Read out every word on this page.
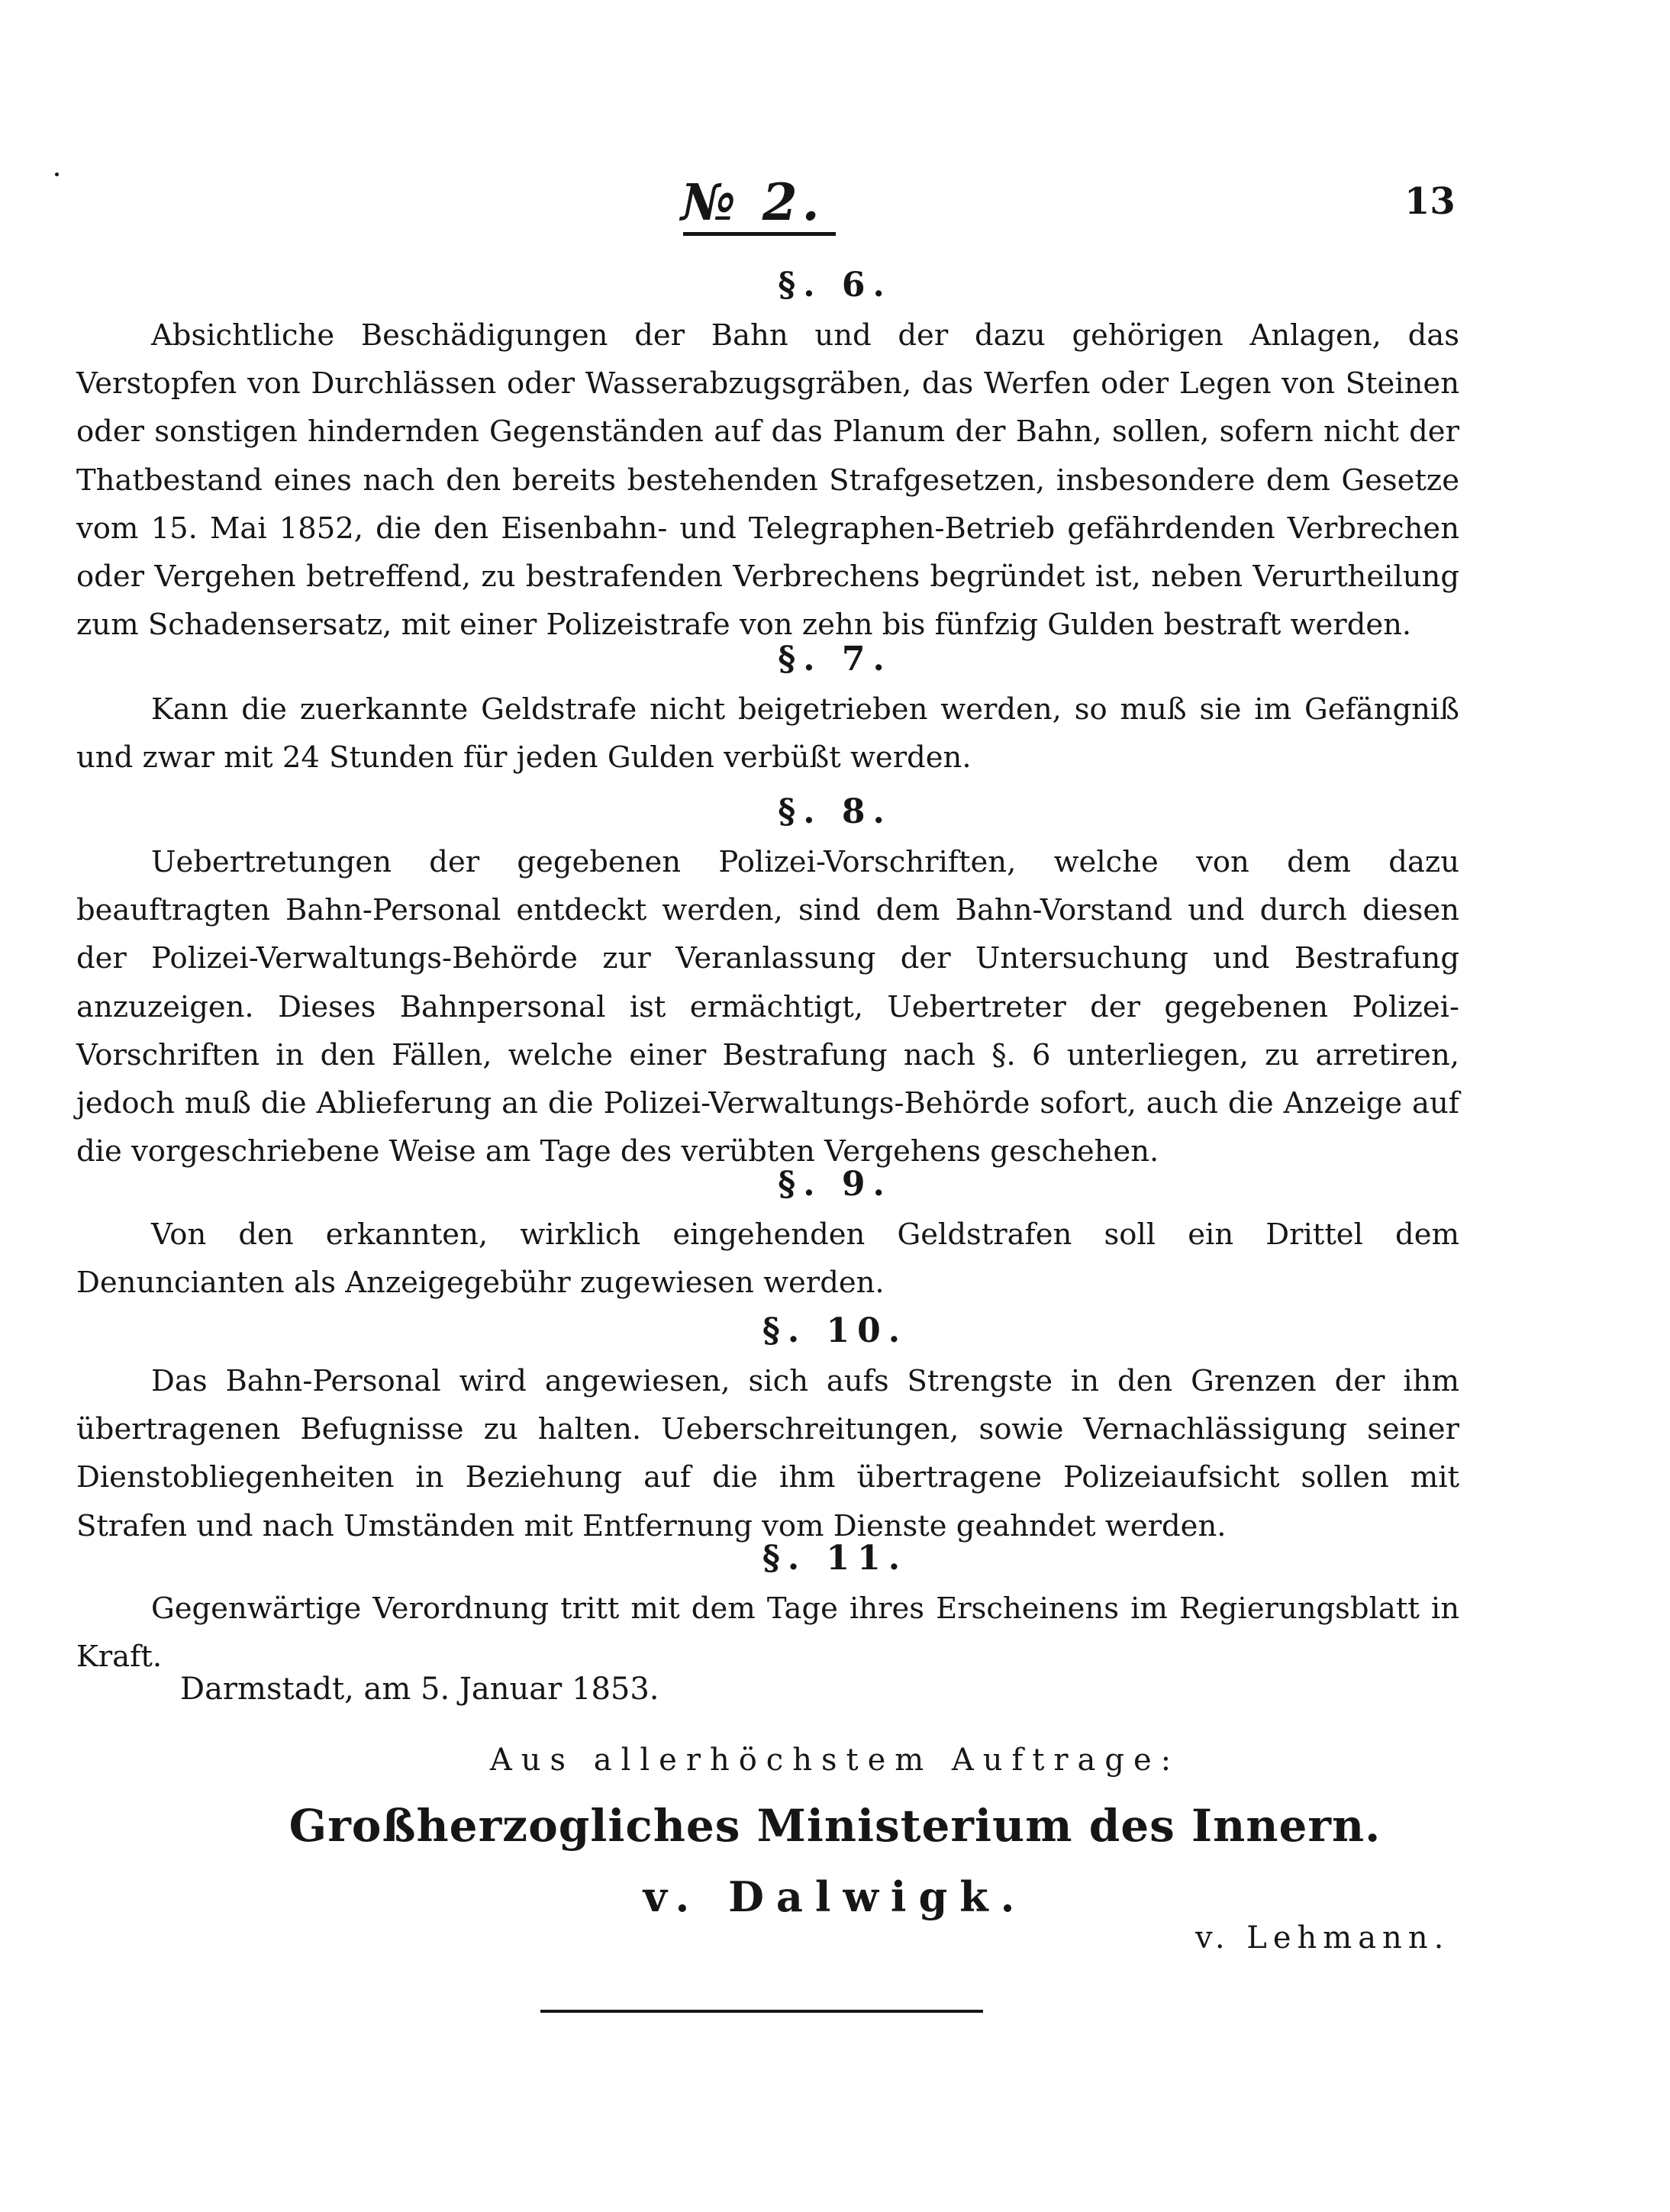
№ 2.	13
§. 6.

Absichtliche Beschädigungen der Bahn und der dazu gehörigen Anlagen, das Verstopfen von Durchlässen oder Wasserabzugsgräben, das Werfen oder Legen von Steinen oder sonstigen hindernden Gegenständen auf das Planum der Bahn, sollen, sofern nicht der Thatbestand eines nach den bereits bestehenden Strafgesetzen, insbesondere dem Gesetze vom 15. Mai 1852, die den Eisenbahn- und Telegraphen-Betrieb gefährdenden Verbrechen oder Vergehen betreffend, zu bestrafenden Verbrechens begründet ist, neben Verurtheilung zum Schadensersatz, mit einer Polizeistrafe von zehn bis fünfzig Gulden bestraft werden.

§. 7.

Kann die zuerkannte Geldstrafe nicht beigetrieben werden, so muß sie im Gefängniß und zwar mit 24 Stunden für jeden Gulden verbüßt werden.

§. 8.

Uebertretungen der gegebenen Polizei-Vorschriften, welche von dem dazu beauftragten Bahn-Personal entdeckt werden, sind dem Bahn-Vorstand und durch diesen der Polizei-Verwaltungs-Behörde zur Veranlassung der Untersuchung und Bestrafung anzuzeigen. Dieses Bahnpersonal ist ermächtigt, Uebertreter der gegebenen Polizei-Vorschriften in den Fällen, welche einer Bestrafung nach §. 6 unterliegen, zu arretiren, jedoch muß die Ablieferung an die Polizei-Verwaltungs-Behörde sofort, auch die Anzeige auf die vorgeschriebene Weise am Tage des verübten Vergehens geschehen.

§. 9.

Von den erkannten, wirklich eingehenden Geldstrafen soll ein Drittel dem Denuncianten als Anzeigegebühr zugewiesen werden.

§. 10.

Das Bahn-Personal wird angewiesen, sich aufs Strengste in den Grenzen der ihm übertragenen Befugnisse zu halten. Ueberschreitungen, sowie Vernachlässigung seiner Dienstobliegenheiten in Beziehung auf die ihm übertragene Polizeiaufsicht sollen mit Strafen und nach Umständen mit Entfernung vom Dienste geahndet werden.

§. 11.

Gegenwärtige Verordnung tritt mit dem Tage ihres Erscheinens im Regierungsblatt in Kraft.

Darmstadt, am 5. Januar 1853.
Aus allerhöchstem Auftrage:
Großherzogliches Ministerium des Innern.
v. Dalwigk.
v. Lehmann.
